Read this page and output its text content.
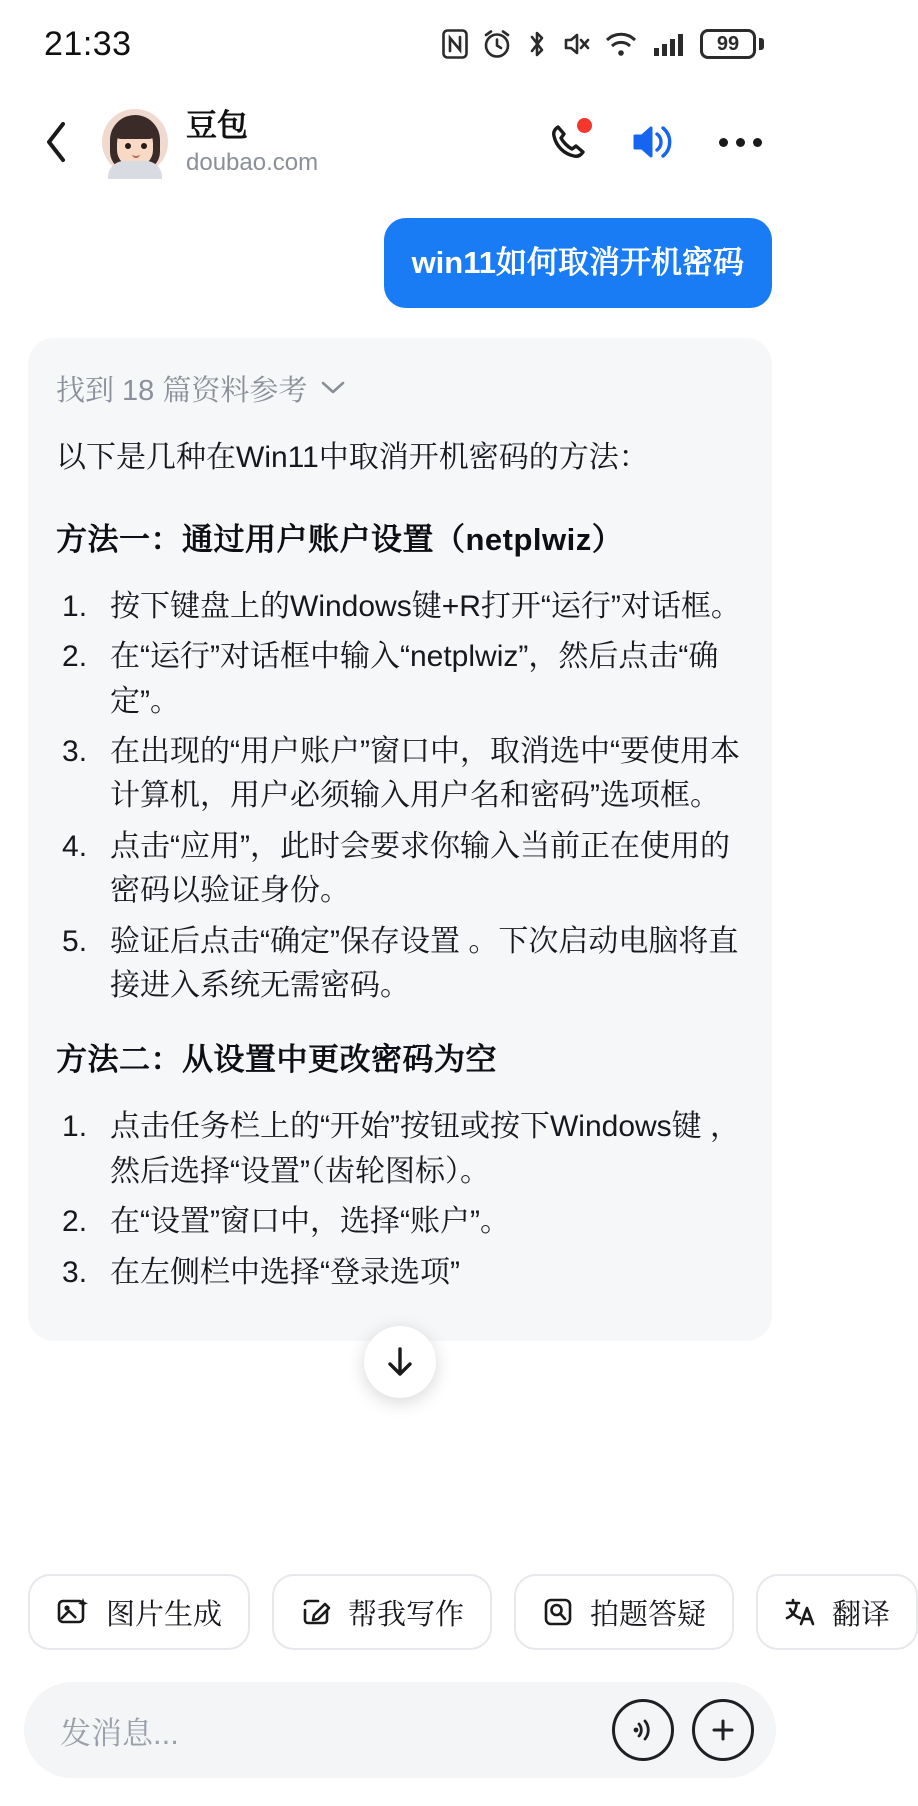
21:33	99
豆包
doubao.com
win11如何取消开机密码
找到 18 篇资料参考
以下是几种在Win11中取消开机密码的方法：
方法一：通过用户账户设置（netplwiz）
按下键盘上的Windows键+R打开“运行”对话框。
在“运行”对话框中输入“netplwiz”，然后点击“确定”。
在出现的“用户账户”窗口中，取消选中“要使用本计算机，用户必须输入用户名和密码”选项框。
点击“应用”，此时会要求你输入当前正在使用的密码以验证身份。
验证后点击“确定”保存设置 。下次启动电脑将直接进入系统无需密码。
方法二：从设置中更改密码为空
点击任务栏上的“开始”按钮或按下Windows键 ，然后选择“设置”（齿轮图标）。
在“设置”窗口中，选择“账户”。
在左侧栏中选择“登录选项”
图片生成	帮我写作	拍题答疑	翻译
发消息...
